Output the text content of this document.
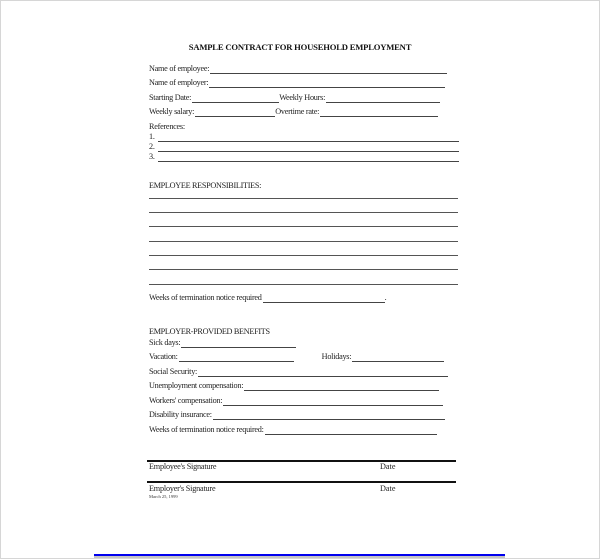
SAMPLE CONTRACT FOR HOUSEHOLD EMPLOYMENT
Name of employee:
Name of employer:
Starting Date:	Weekly Hours:
Weekly salary:	Overtime rate:
References:
1.
2.
3.
EMPLOYEE RESPONSIBILITIES:
Weeks of termination notice required	.
EMPLOYER-PROVIDED BENEFITS
Sick days:
Vacation:	Holidays:
Social Security:
Unemployment compensation:
Workers' compensation:
Disability insurance:
Weeks of termination notice required:
Employee's Signature	Date
Employer's Signature	Date
March 25, 1999
